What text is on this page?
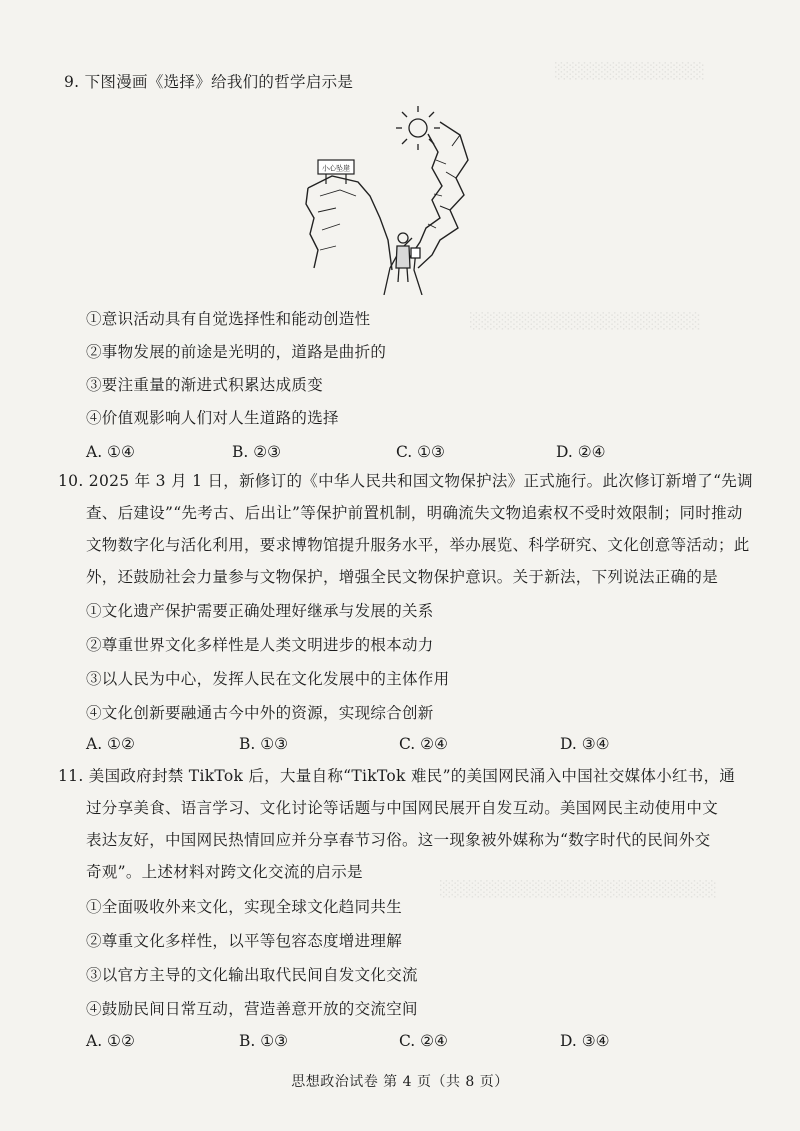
░░░░░░░░░░░░░
░░░░░░░░░░░░░░░░░░░░
░░░░░░░░░░░░░░░░░░░░░░░░
9. 下图漫画《选择》给我们的哲学启示是
小心坠崖
①意识活动具有自觉选择性和能动创造性
②事物发展的前途是光明的，道路是曲折的
③要注重量的渐进式积累达成质变
④价值观影响人们对人生道路的选择
A. ①④	B. ②③	C. ①③	D. ②④
10. 2025 年 3 月 1 日，新修订的《中华人民共和国文物保护法》正式施行。此次修订新增了“先调
查、后建设”“先考古、后出让”等保护前置机制，明确流失文物追索权不受时效限制；同时推动
文物数字化与活化利用，要求博物馆提升服务水平，举办展览、科学研究、文化创意等活动；此
外，还鼓励社会力量参与文物保护，增强全民文物保护意识。关于新法，下列说法正确的是
①文化遗产保护需要正确处理好继承与发展的关系
②尊重世界文化多样性是人类文明进步的根本动力
③以人民为中心，发挥人民在文化发展中的主体作用
④文化创新要融通古今中外的资源，实现综合创新
A. ①②	B. ①③	C. ②④	D. ③④
11. 美国政府封禁 TikTok 后，大量自称“TikTok 难民”的美国网民涌入中国社交媒体小红书，通
过分享美食、语言学习、文化讨论等话题与中国网民展开自发互动。美国网民主动使用中文
表达友好，中国网民热情回应并分享春节习俗。这一现象被外媒称为“数字时代的民间外交
奇观”。上述材料对跨文化交流的启示是
①全面吸收外来文化，实现全球文化趋同共生
②尊重文化多样性，以平等包容态度增进理解
③以官方主导的文化输出取代民间自发文化交流
④鼓励民间日常互动，营造善意开放的交流空间
A. ①②	B. ①③	C. ②④	D. ③④
思想政治试卷 第 4 页（共 8 页）
